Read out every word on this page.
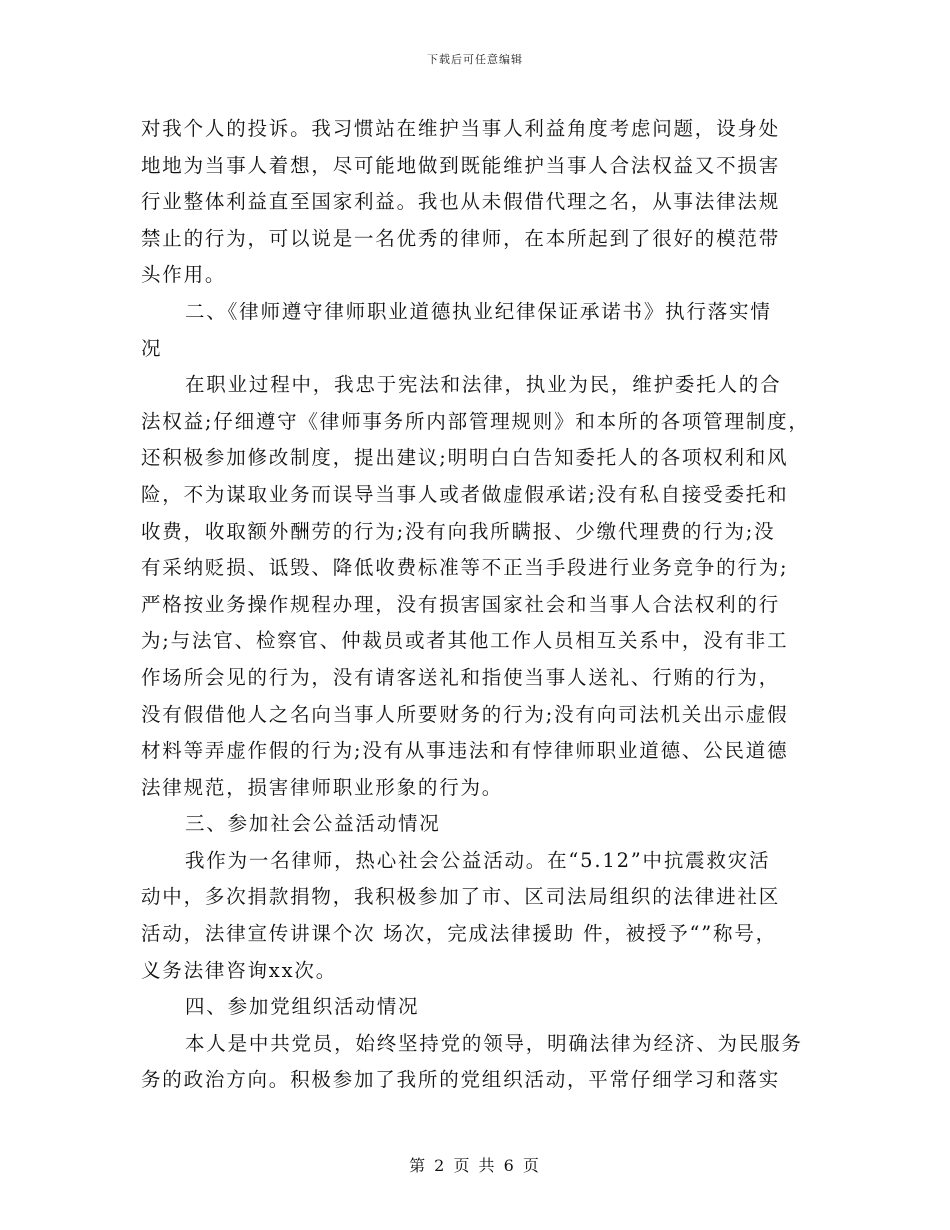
下载后可任意编辑
对我个人的投诉。我习惯站在维护当事人利益角度考虑问题，设身处
地地为当事人着想，尽可能地做到既能维护当事人合法权益又不损害
行业整体利益直至国家利益。我也从未假借代理之名，从事法律法规
禁止的行为，可以说是一名优秀的律师，在本所起到了很好的模范带
头作用。
二、《律师遵守律师职业道德执业纪律保证承诺书》执行落实情
况
在职业过程中，我忠于宪法和法律，执业为民，维护委托人的合
法权益;仔细遵守《律师事务所内部管理规则》和本所的各项管理制度，
还积极参加修改制度，提出建议;明明白白告知委托人的各项权利和风
险，不为谋取业务而误导当事人或者做虚假承诺;没有私自接受委托和
收费，收取额外酬劳的行为;没有向我所瞒报、少缴代理费的行为;没
有采纳贬损、诋毁、降低收费标准等不正当手段进行业务竞争的行为;
严格按业务操作规程办理，没有损害国家社会和当事人合法权利的行
为;与法官、检察官、仲裁员或者其他工作人员相互关系中，没有非工
作场所会见的行为，没有请客送礼和指使当事人送礼、行贿的行为，
没有假借他人之名向当事人所要财务的行为;没有向司法机关出示虚假
材料等弄虚作假的行为;没有从事违法和有悖律师职业道德、公民道德
法律规范，损害律师职业形象的行为。
三、参加社会公益活动情况
我作为一名律师，热心社会公益活动。在“5.12”中抗震救灾活
动中，多次捐款捐物，我积极参加了市、区司法局组织的法律进社区
活动，法律宣传讲课个次 场次，完成法律援助 件，被授予“”称号，
义务法律咨询xx次。
四、参加党组织活动情况
本人是中共党员，始终坚持党的领导，明确法律为经济、为民服务
务的政治方向。积极参加了我所的党组织活动，平常仔细学习和落实
第 2 页 共 6 页
